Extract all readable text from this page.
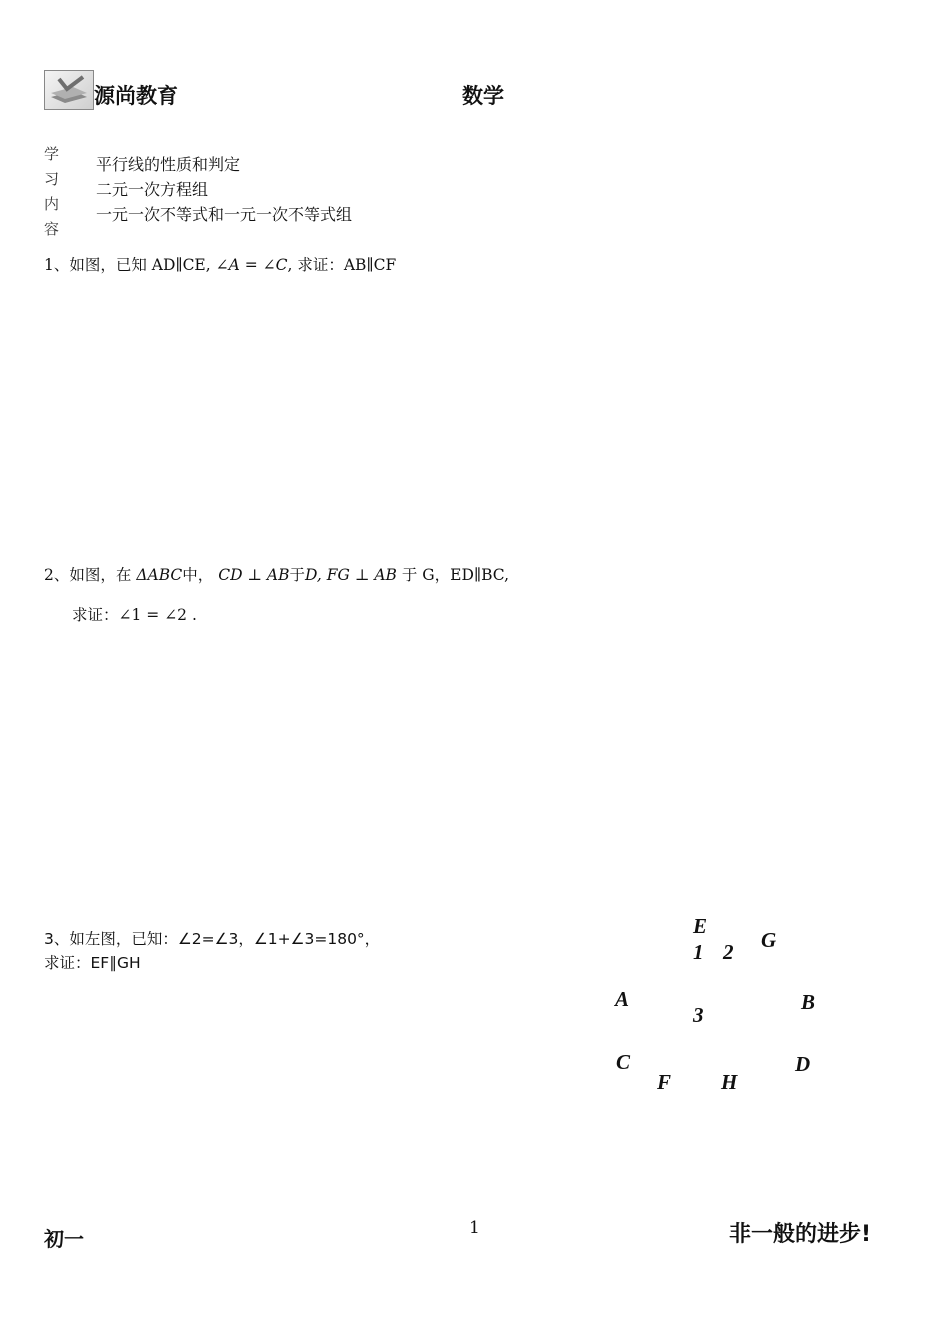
源尚教育	数学
学
习
内
容
平行线的性质和判定
二元一次方程组
一元一次不等式和一元一次不等式组
1、如图，已知 AD∥CE, ∠A = ∠C, 求证：AB∥CF
2、如图，在 ΔABC中， CD ⊥ AB于D, FG ⊥ AB 于 G，ED∥BC,
求证：∠1 = ∠2 .
3、如左图，已知：∠2=∠3，∠1+∠3=180°，
求证：EF∥GH
E
1 2 G
A	B
3
C	D
F H
初一	1	非一般的进步!
